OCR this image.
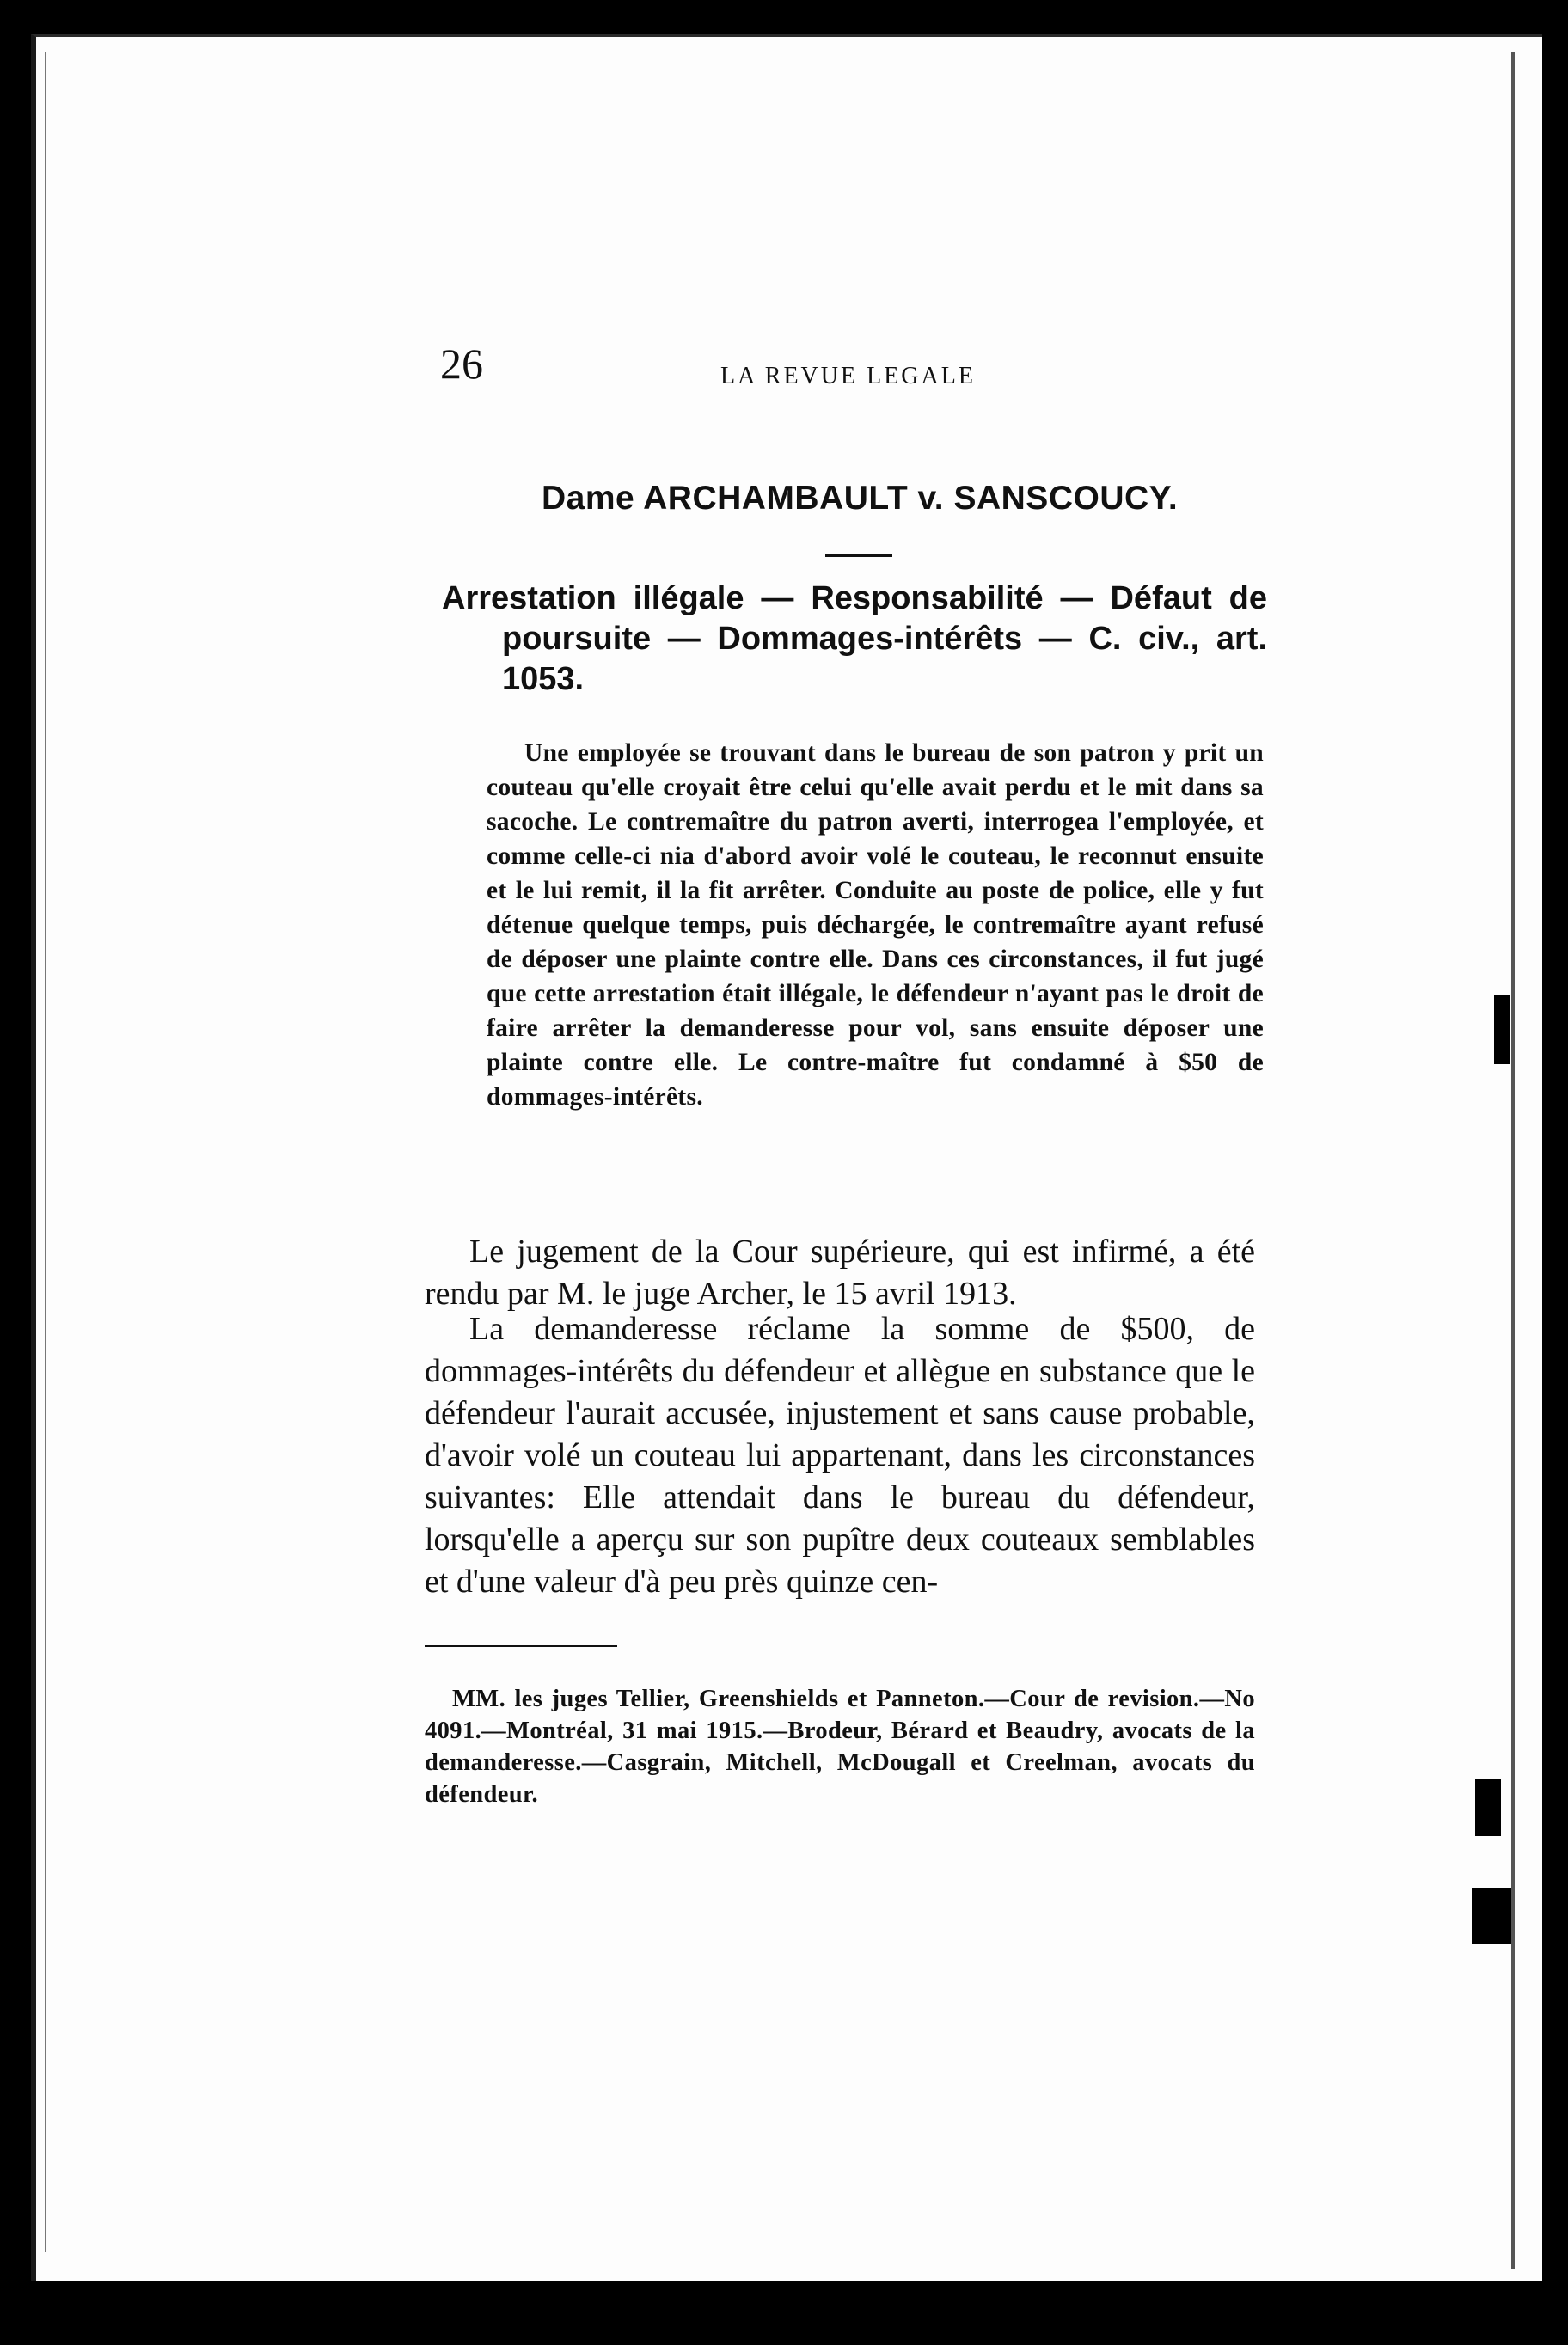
26	LA REVUE LEGALE
Dame ARCHAMBAULT v. SANSCOUCY.
Arrestation illégale — Responsabilité — Défaut de poursuite — Dommages-intérêts — C. civ., art. 1053.

Une employée se trouvant dans le bureau de son patron y prit un couteau qu'elle croyait être celui qu'elle avait perdu et le mit dans sa sacoche. Le contremaître du patron averti, interrogea l'employée, et comme celle-ci nia d'abord avoir volé le couteau, le reconnut ensuite et le lui remit, il la fit arrêter. Conduite au poste de police, elle y fut détenue quelque temps, puis déchargée, le contremaître ayant refusé de déposer une plainte contre elle. Dans ces circonstances, il fut jugé que cette arrestation était illégale, le défendeur n'ayant pas le droit de faire arrêter la demanderesse pour vol, sans ensuite déposer une plainte contre elle. Le contre-maître fut condamné à $50 de dommages-intérêts.

Le jugement de la Cour supérieure, qui est infirmé, a été rendu par M. le juge Archer, le 15 avril 1913.

La demanderesse réclame la somme de $500, de dommages-intérêts du défendeur et allègue en substance que le défendeur l'aurait accusée, injustement et sans cause probable, d'avoir volé un couteau lui appartenant, dans les circonstances suivantes: Elle attendait dans le bureau du défendeur, lorsqu'elle a aperçu sur son pupître deux couteaux semblables et d'une valeur d'à peu près quinze cen-

MM. les juges Tellier, Greenshields et Panneton.—Cour de revision.—No 4091.—Montréal, 31 mai 1915.—Brodeur, Bérard et Beaudry, avocats de la demanderesse.—Casgrain, Mitchell, McDougall et Creelman, avocats du défendeur.
